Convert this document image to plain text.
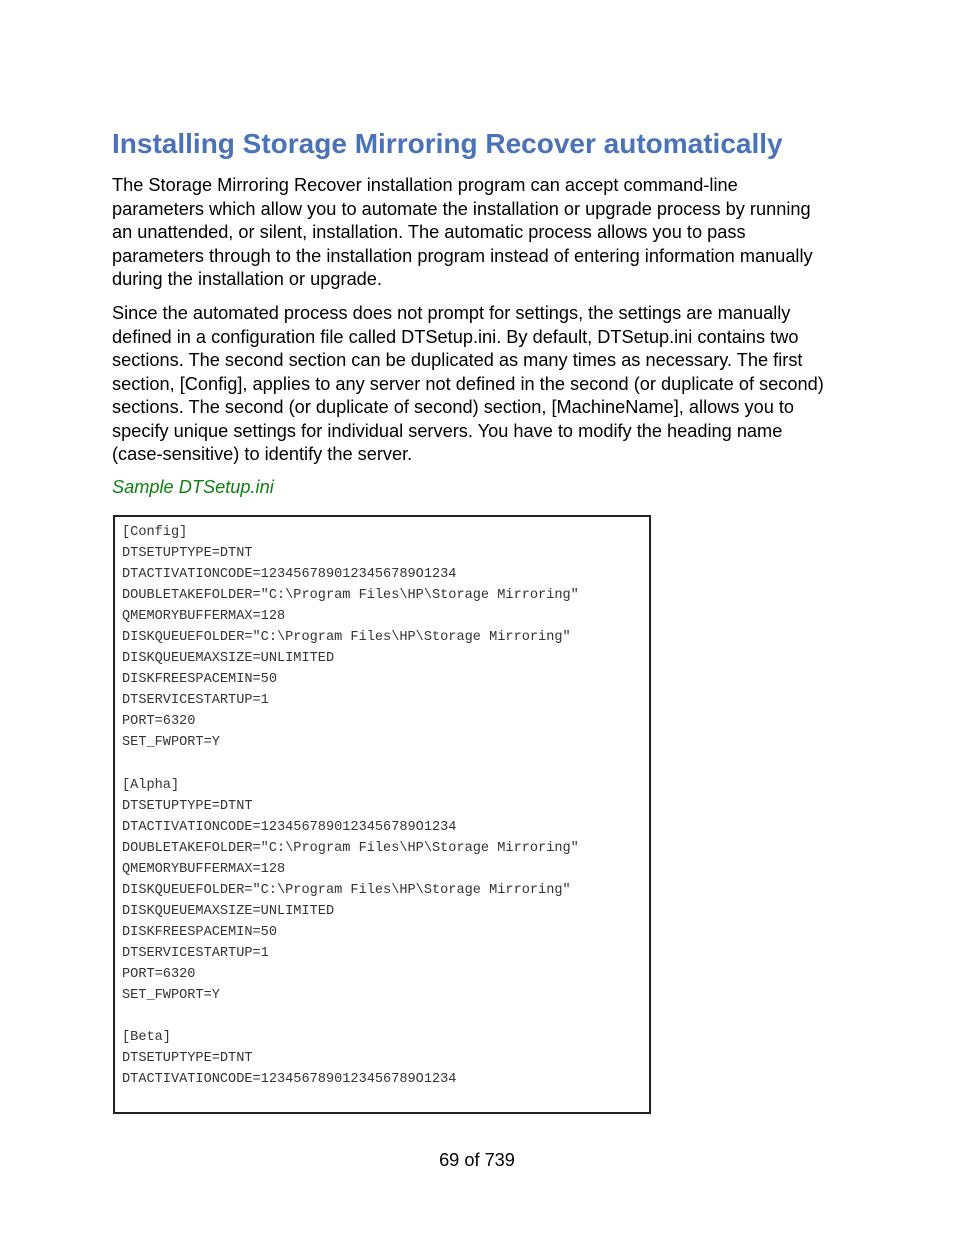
Installing Storage Mirroring Recover automatically

The Storage Mirroring Recover installation program can accept command-line
parameters which allow you to automate the installation or upgrade process by running
an unattended, or silent, installation. The automatic process allows you to pass
parameters through to the installation program instead of entering information manually
during the installation or upgrade.

Since the automated process does not prompt for settings, the settings are manually
defined in a configuration file called DTSetup.ini. By default, DTSetup.ini contains two
sections. The second section can be duplicated as many times as necessary. The first
section, [Config], applies to any server not defined in the second (or duplicate of second)
sections. The second (or duplicate of second) section, [MachineName], allows you to
specify unique settings for individual servers. You have to modify the heading name
(case-sensitive) to identify the server.

Sample DTSetup.ini

[Config]
DTSETUPTYPE=DTNT
DTACTIVATIONCODE=1234567890123456789O1234
DOUBLETAKEFOLDER="C:\Program Files\HP\Storage Mirroring"
QMEMORYBUFFERMAX=128
DISKQUEUEFOLDER="C:\Program Files\HP\Storage Mirroring"
DISKQUEUEMAXSIZE=UNLIMITED
DISKFREESPACEMIN=50
DTSERVICESTARTUP=1
PORT=6320
SET_FWPORT=Y
[Alpha]
DTSETUPTYPE=DTNT
DTACTIVATIONCODE=1234567890123456789O1234
DOUBLETAKEFOLDER="C:\Program Files\HP\Storage Mirroring"
QMEMORYBUFFERMAX=128
DISKQUEUEFOLDER="C:\Program Files\HP\Storage Mirroring"
DISKQUEUEMAXSIZE=UNLIMITED
DISKFREESPACEMIN=50
DTSERVICESTARTUP=1
PORT=6320
SET_FWPORT=Y
[Beta]
DTSETUPTYPE=DTNT
DTACTIVATIONCODE=1234567890123456789O1234

69 of 739
